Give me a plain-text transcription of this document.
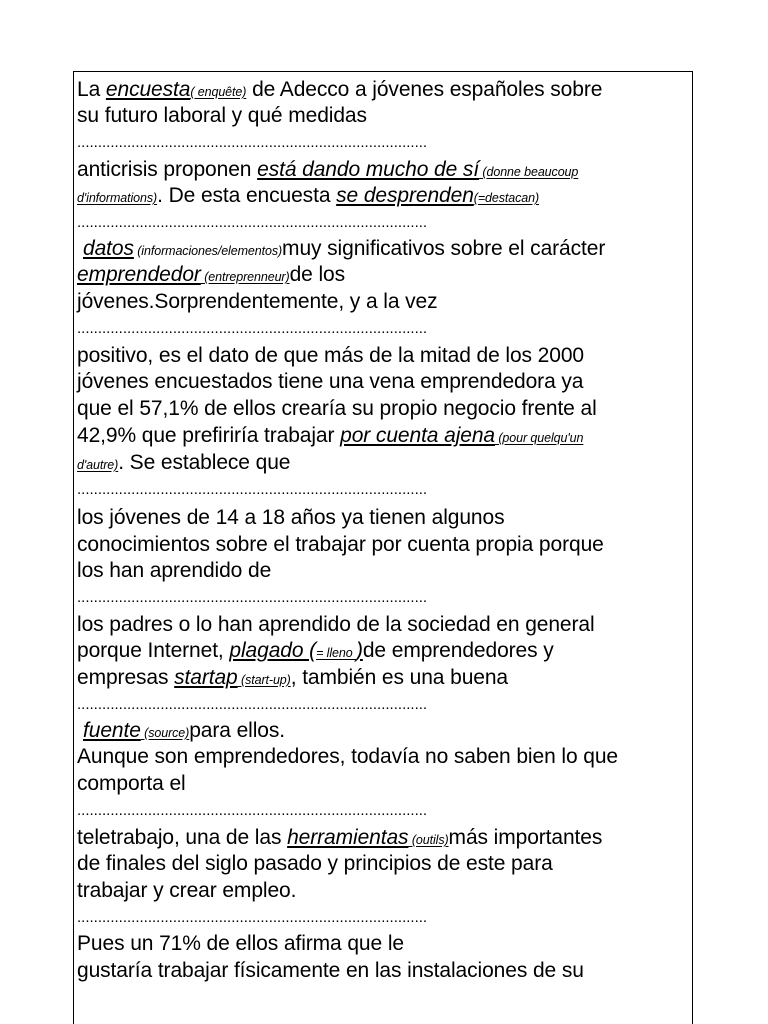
La encuesta( enquête) de Adecco a jóvenes españoles sobre
su futuro laboral y qué medidas
....................................................................................
anticrisis proponen está dando mucho de sí (donne beaucoup
d'informations). De esta encuesta se desprenden(=destacan)
....................................................................................
datos (informaciones/elementos)muy significativos sobre el carácter
emprendedor (entreprenneur)de los
jóvenes.Sorprendentemente, y a la vez
....................................................................................
positivo, es el dato de que más de la mitad de los 2000
jóvenes encuestados tiene una vena emprendedora ya
que el 57,1% de ellos crearía su propio negocio frente al
42,9% que prefiriría trabajar por cuenta ajena (pour quelqu'un
d'autre). Se establece que
....................................................................................
los jóvenes de 14 a 18 años ya tienen algunos
conocimientos sobre el trabajar por cuenta propia porque
los han aprendido de
....................................................................................
los padres o lo han aprendido de la sociedad en general
porque Internet, plagado (= lleno )de emprendedores y
empresas startap (start-up), también es una buena
....................................................................................
fuente (source)para ellos.
Aunque son emprendedores, todavía no saben bien lo que
comporta el
....................................................................................
teletrabajo, una de las herramientas (outils)más importantes
de finales del siglo pasado y principios de este para
trabajar y crear empleo.
....................................................................................
Pues un 71% de ellos afirma que le
gustaría trabajar físicamente en las instalaciones de su
